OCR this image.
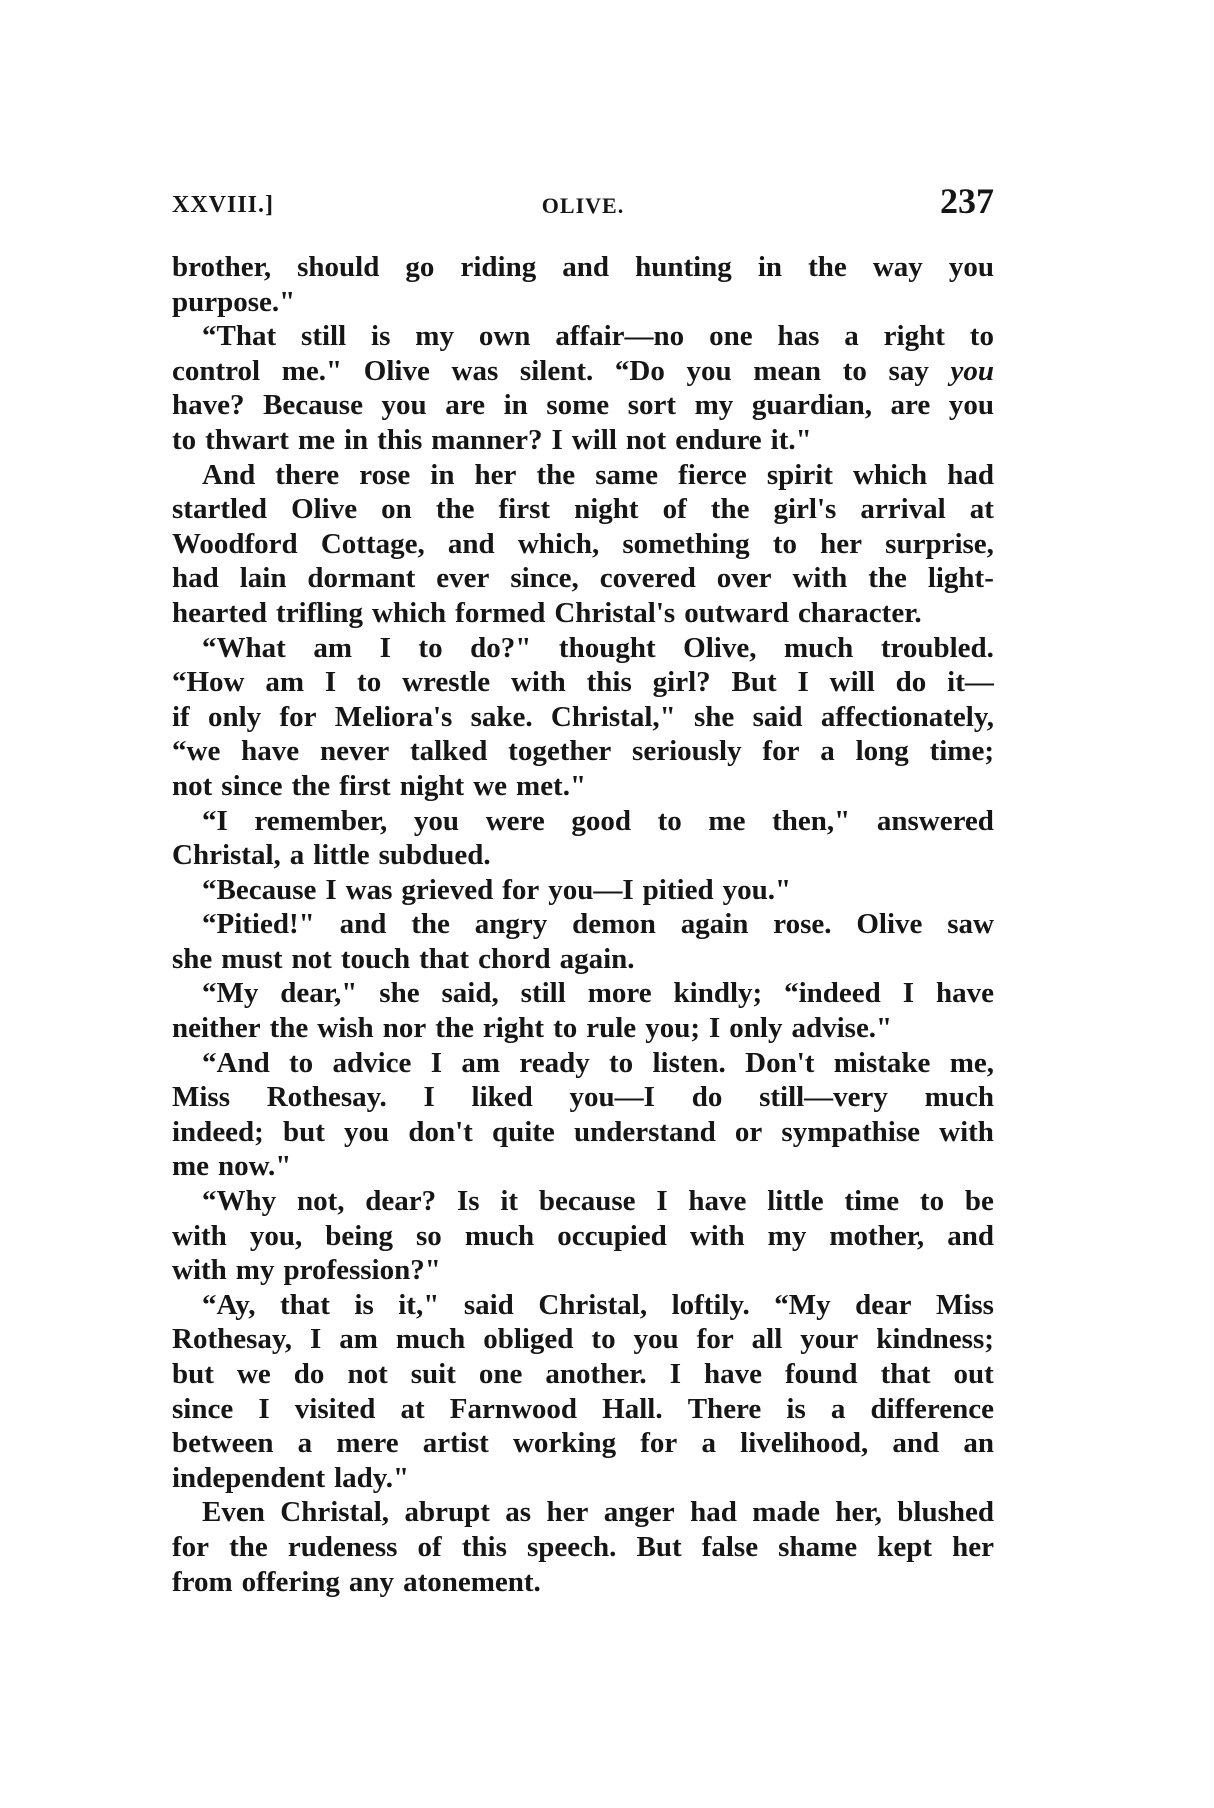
XXVIII.]	OLIVE.	237
brother, should go riding and hunting in the way you
purpose."
“That still is my own affair—no one has a right to
control me." Olive was silent. “Do you mean to say you
have? Because you are in some sort my guardian, are you
to thwart me in this manner? I will not endure it."
And there rose in her the same fierce spirit which had
startled Olive on the first night of the girl's arrival at
Woodford Cottage, and which, something to her surprise,
had lain dormant ever since, covered over with the light-
hearted trifling which formed Christal's outward character.
“What am I to do?" thought Olive, much troubled.
“How am I to wrestle with this girl? But I will do it—
if only for Meliora's sake. Christal," she said affectionately,
“we have never talked together seriously for a long time;
not since the first night we met."
“I remember, you were good to me then," answered
Christal, a little subdued.
“Because I was grieved for you—I pitied you."
“Pitied!" and the angry demon again rose. Olive saw
she must not touch that chord again.
“My dear," she said, still more kindly; “indeed I have
neither the wish nor the right to rule you; I only advise."
“And to advice I am ready to listen. Don't mistake me,
Miss Rothesay. I liked you—I do still—very much
indeed; but you don't quite understand or sympathise with
me now."
“Why not, dear? Is it because I have little time to be
with you, being so much occupied with my mother, and
with my profession?"
“Ay, that is it," said Christal, loftily. “My dear Miss
Rothesay, I am much obliged to you for all your kindness;
but we do not suit one another. I have found that out
since I visited at Farnwood Hall. There is a difference
between a mere artist working for a livelihood, and an
independent lady."
Even Christal, abrupt as her anger had made her, blushed
for the rudeness of this speech. But false shame kept her
from offering any atonement.
